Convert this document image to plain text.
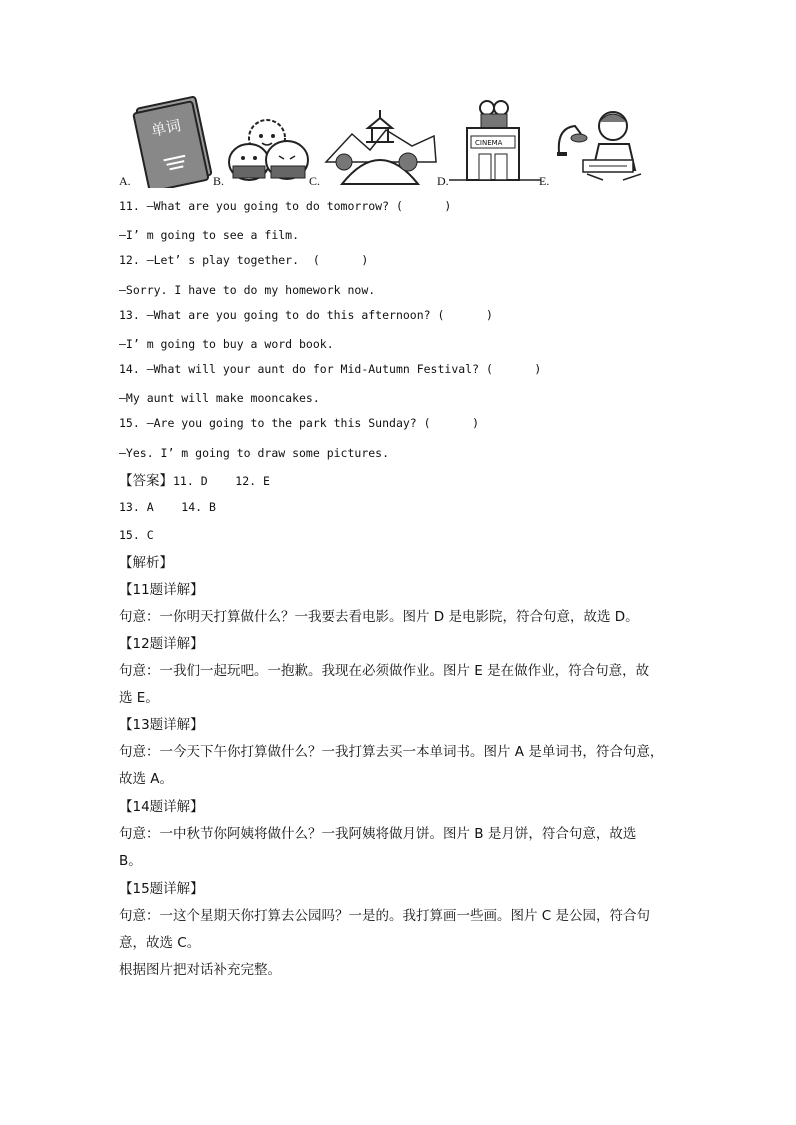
A.
单词
B.	C.	D.
CINEMA
E.
11. —What are you going to do tomorrow? (      )
—I’ m going to see a film.
12. —Let’ s play together.  (      )
—Sorry. I have to do my homework now.
13. —What are you going to do this afternoon? (      )
—I’ m going to buy a word book.
14. —What will your aunt do for Mid-Autumn Festival? (      )
—My aunt will make mooncakes.
15. —Are you going to the park this Sunday? (      )
—Yes. I’ m going to draw some pictures.
【答案】11. D    12. E
13. A    14. B
15. C
【解析】
【11题详解】
句意：一你明天打算做什么？一我要去看电影。图片 D 是电影院，符合句意，故选 D。
【12题详解】
句意：一我们一起玩吧。一抱歉。我现在必须做作业。图片 E 是在做作业，符合句意，故
选 E。
【13题详解】
句意：一今天下午你打算做什么？一我打算去买一本单词书。图片 A 是单词书，符合句意，
故选 A。
【14题详解】
句意：一中秋节你阿姨将做什么？一我阿姨将做月饼。图片 B 是月饼，符合句意，故选
B。
【15题详解】
句意：一这个星期天你打算去公园吗？一是的。我打算画一些画。图片 C 是公园，符合句
意，故选 C。
根据图片把对话补充完整。
